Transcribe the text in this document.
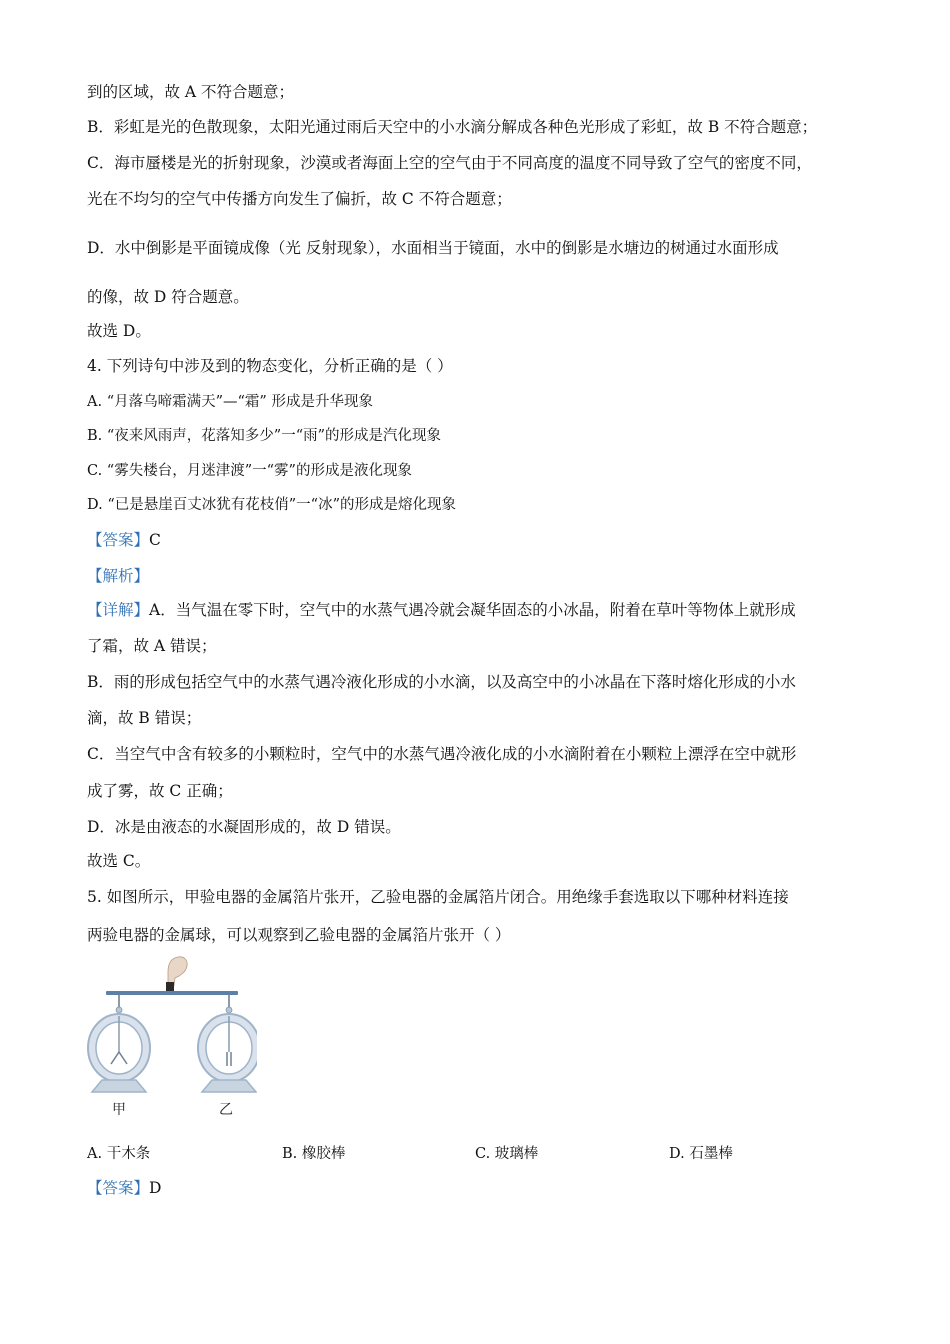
到的区域，故 A 不符合题意；
B．彩虹是光的色散现象，太阳光通过雨后天空中的小水滴分解成各种色光形成了彩虹，故 B 不符合题意；
C．海市蜃楼是光的折射现象，沙漠或者海面上空的空气由于不同高度的温度不同导致了空气的密度不同，
光在不均匀的空气中传播方向发生了偏折，故 C 不符合题意；
D．水中倒影是平面镜成像（光 反射现象），水面相当于镜面，水中的倒影是水塘边的树通过水面形成
的像，故 D 符合题意。
故选 D。
4. 下列诗句中涉及到的物态变化，分析正确的是（ ）
A. “月落乌啼霜满天”—“霜” 形成是升华现象
B. “夜来风雨声，花落知多少”一“雨”的形成是汽化现象
C. “雾失楼台，月迷津渡”一“雾”的形成是液化现象
D. “已是悬崖百丈冰犹有花枝俏”一“冰”的形成是熔化现象
【答案】C
【解析】
【详解】A．当气温在零下时，空气中的水蒸气遇冷就会凝华固态的小冰晶，附着在草叶等物体上就形成
了霜，故 A 错误；
B．雨的形成包括空气中的水蒸气遇冷液化形成的小水滴，以及高空中的小冰晶在下落时熔化形成的小水
滴，故 B 错误；
C．当空气中含有较多的小颗粒时，空气中的水蒸气遇冷液化成的小水滴附着在小颗粒上漂浮在空中就形
成了雾，故 C 正确；
D．冰是由液态的水凝固形成的，故 D 错误。
故选 C。
5. 如图所示，甲验电器的金属箔片张开，乙验电器的金属箔片闭合。用绝缘手套选取以下哪种材料连接
两验电器的金属球，可以观察到乙验电器的金属箔片张开（ ）
甲	乙
A. 干木条	B. 橡胶棒	C. 玻璃棒	D. 石墨棒
【答案】D
